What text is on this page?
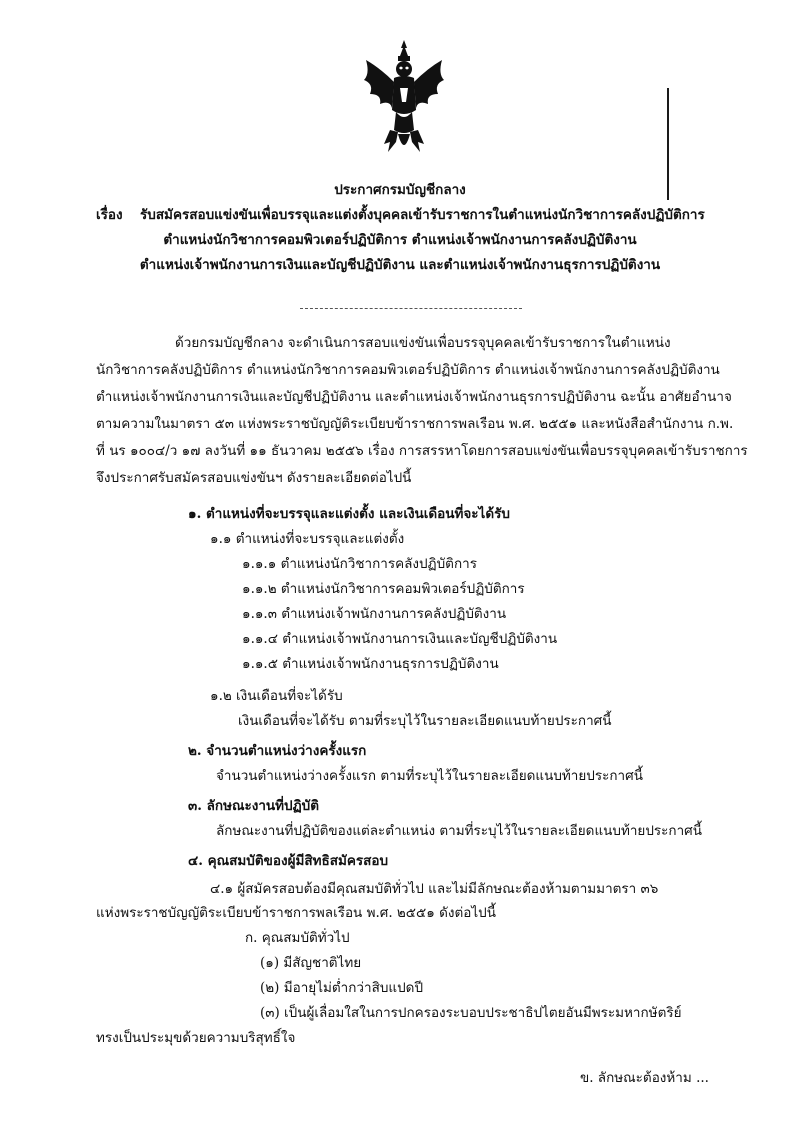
ประกาศกรมบัญชีกลาง
เรื่อง รับสมัครสอบแข่งขันเพื่อบรรจุและแต่งตั้งบุคคลเข้ารับราชการในตำแหน่งนักวิชาการคลังปฏิบัติการ
ตำแหน่งนักวิชาการคอมพิวเตอร์ปฏิบัติการ ตำแหน่งเจ้าพนักงานการคลังปฏิบัติงาน
ตำแหน่งเจ้าพนักงานการเงินและบัญชีปฏิบัติงาน และตำแหน่งเจ้าพนักงานธุรการปฏิบัติงาน
ด้วยกรมบัญชีกลาง จะดำเนินการสอบแข่งขันเพื่อบรรจุบุคคลเข้ารับราชการในตำแหน่ง
นักวิชาการคลังปฏิบัติการ ตำแหน่งนักวิชาการคอมพิวเตอร์ปฏิบัติการ ตำแหน่งเจ้าพนักงานการคลังปฏิบัติงาน
ตำแหน่งเจ้าพนักงานการเงินและบัญชีปฏิบัติงาน และตำแหน่งเจ้าพนักงานธุรการปฏิบัติงาน ฉะนั้น อาศัยอำนาจ
ตามความในมาตรา ๕๓ แห่งพระราชบัญญัติระเบียบข้าราชการพลเรือน พ.ศ. ๒๕๕๑ และหนังสือสำนักงาน ก.พ.
ที่ นร ๑๐๐๔/ว ๑๗ ลงวันที่ ๑๑ ธันวาคม ๒๕๕๖ เรื่อง การสรรหาโดยการสอบแข่งขันเพื่อบรรจุบุคคลเข้ารับราชการ
จึงประกาศรับสมัครสอบแข่งขันฯ ดังรายละเอียดต่อไปนี้
๑. ตำแหน่งที่จะบรรจุและแต่งตั้ง และเงินเดือนที่จะได้รับ
๑.๑ ตำแหน่งที่จะบรรจุและแต่งตั้ง
๑.๑.๑ ตำแหน่งนักวิชาการคลังปฏิบัติการ
๑.๑.๒ ตำแหน่งนักวิชาการคอมพิวเตอร์ปฏิบัติการ
๑.๑.๓ ตำแหน่งเจ้าพนักงานการคลังปฏิบัติงาน
๑.๑.๔ ตำแหน่งเจ้าพนักงานการเงินและบัญชีปฏิบัติงาน
๑.๑.๕ ตำแหน่งเจ้าพนักงานธุรการปฏิบัติงาน
๑.๒ เงินเดือนที่จะได้รับ
เงินเดือนที่จะได้รับ ตามที่ระบุไว้ในรายละเอียดแนบท้ายประกาศนี้
๒. จำนวนตำแหน่งว่างครั้งแรก
จำนวนตำแหน่งว่างครั้งแรก ตามที่ระบุไว้ในรายละเอียดแนบท้ายประกาศนี้
๓. ลักษณะงานที่ปฏิบัติ
ลักษณะงานที่ปฏิบัติของแต่ละตำแหน่ง ตามที่ระบุไว้ในรายละเอียดแนบท้ายประกาศนี้
๔. คุณสมบัติของผู้มีสิทธิสมัครสอบ
๔.๑ ผู้สมัครสอบต้องมีคุณสมบัติทั่วไป และไม่มีลักษณะต้องห้ามตามมาตรา ๓๖
แห่งพระราชบัญญัติระเบียบข้าราชการพลเรือน พ.ศ. ๒๕๕๑ ดังต่อไปนี้
ก. คุณสมบัติทั่วไป
(๑) มีสัญชาติไทย
(๒) มีอายุไม่ต่ำกว่าสิบแปดปี
(๓) เป็นผู้เลื่อมใสในการปกครองระบอบประชาธิปไตยอันมีพระมหากษัตริย์
ทรงเป็นประมุขด้วยความบริสุทธิ์ใจ
ข. ลักษณะต้องห้าม ...
